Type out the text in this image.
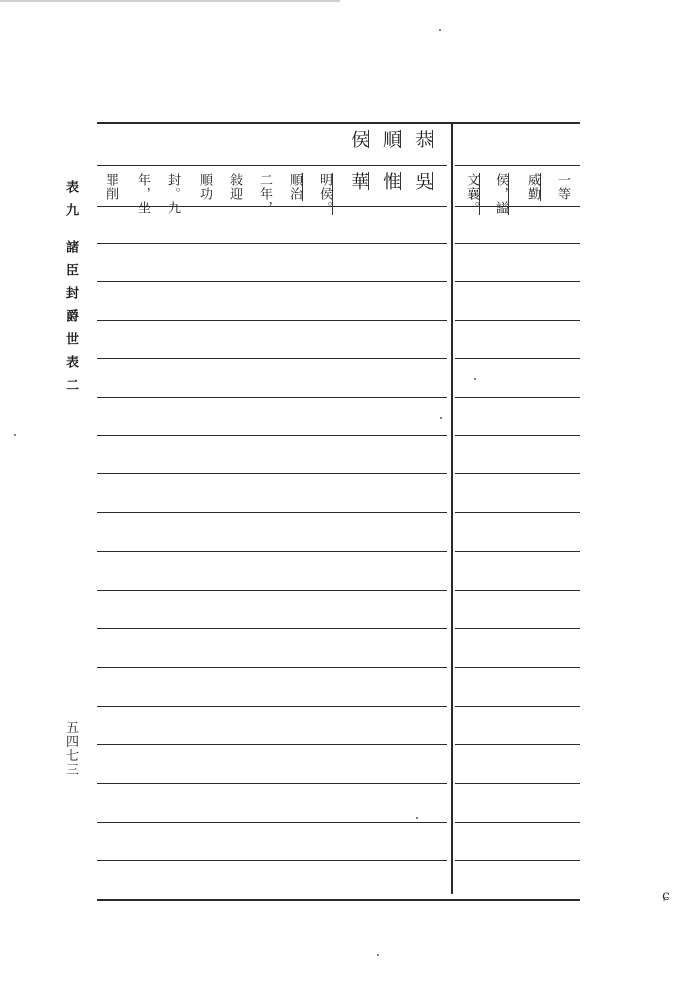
表九
諸臣封爵世表二
五
四
七
三
恭
順
侯
吳
惟
華
明侯。
順治
二年，
敍迎
順功
封。九
年，坐
罪削	一等
威勤
侯，謚
文襄。
ɕ
